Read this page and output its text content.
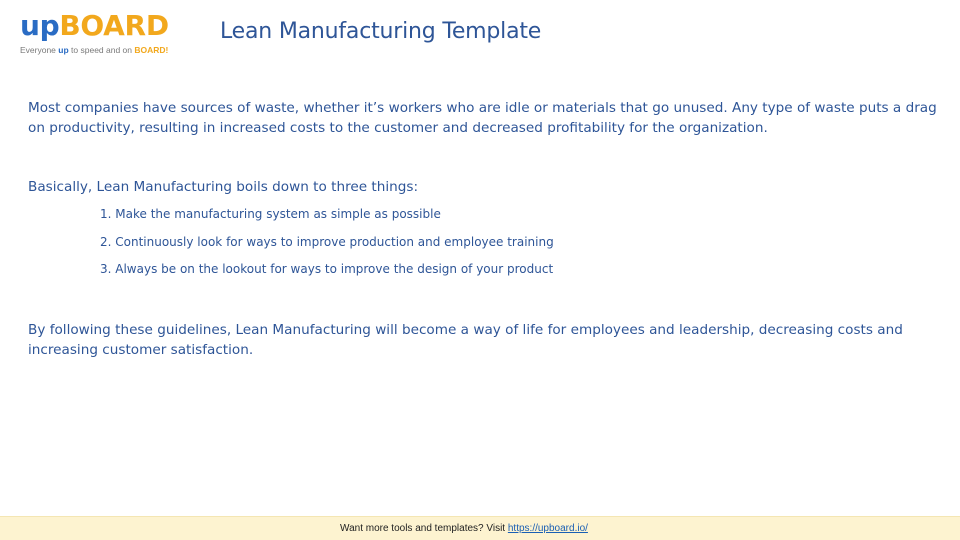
upBOARD
Everyone up to speed and on BOARD!
Lean Manufacturing Template

Most companies have sources of waste, whether it’s workers who are idle or materials that go unused. Any type of waste puts a drag on productivity, resulting in increased costs to the customer and decreased profitability for the organization.

Basically, Lean Manufacturing boils down to three things:

1. Make the manufacturing system as simple as possible
2. Continuously look for ways to improve production and employee training
3. Always be on the lookout for ways to improve the design of your product

By following these guidelines, Lean Manufacturing will become a way of life for employees and leadership, decreasing costs and increasing customer satisfaction.

Want more tools and templates? Visit https://upboard.io/
